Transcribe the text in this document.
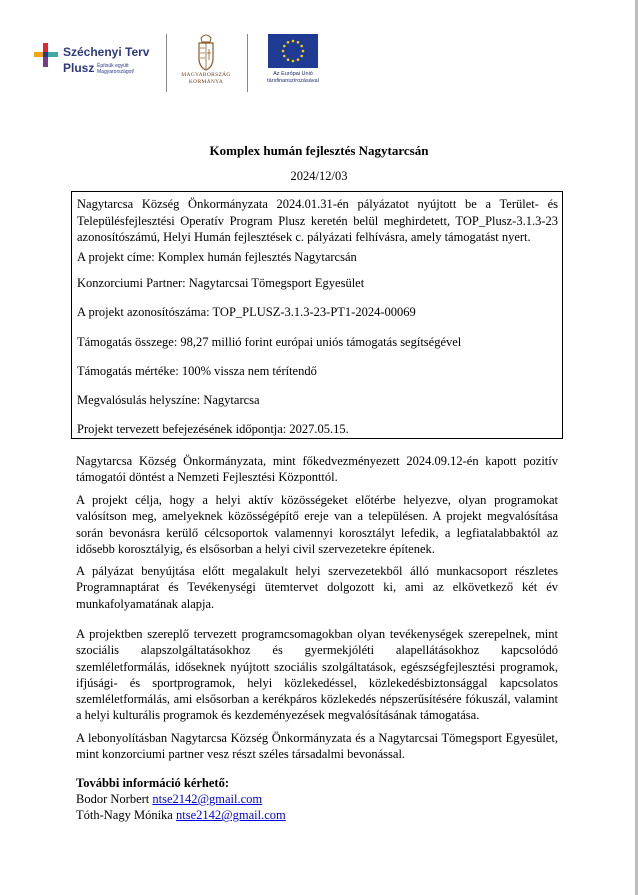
Széchenyi Terv
Plusz Építsük együtt Magyarországot!	MAGYARORSZÁG
KORMÁNYA
Az Európai Unió
társfinanszírozásával
Komplex humán fejlesztés Nagytarcsán
2024/12/03

Nagytarcsa Község Önkormányzata 2024.01.31-én pályázatot nyújtott be a Terület- és Településfejlesztési Operatív Program Plusz keretén belül meghirdetett, TOP_Plusz-3.1.3-23 azonosítószámú, Helyi Humán fejlesztések c. pályázati felhívásra, amely támogatást nyert.

A projekt címe: Komplex humán fejlesztés Nagytarcsán

Konzorciumi Partner: Nagytarcsai Tömegsport Egyesület

A projekt azonosítószáma: TOP_PLUSZ-3.1.3-23-PT1-2024-00069

Támogatás összege: 98,27 millió forint európai uniós támogatás segítségével

Támogatás mértéke: 100% vissza nem térítendő

Megvalósulás helyszíne: Nagytarcsa

Projekt tervezett befejezésének időpontja: 2027.05.15.

Nagytarcsa Község Önkormányzata, mint főkedvezményezett 2024.09.12-én kapott pozitív támogatói döntést a Nemzeti Fejlesztési Központtól.

A projekt célja, hogy a helyi aktív közösségeket előtérbe helyezve, olyan programokat valósítson meg, amelyeknek közösségépítő ereje van a településen. A projekt megvalósítása során bevonásra kerülő célcsoportok valamennyi korosztályt lefedik, a legfiatalabbaktól az idősebb korosztályig, és elsősorban a helyi civil szervezetekre építenek.

A pályázat benyújtása előtt megalakult helyi szervezetekből álló munkacsoport részletes Programnaptárat és Tevékenységi ütemtervet dolgozott ki, ami az elkövetkező két év munkafolyamatának alapja.

A projektben szereplő tervezett programcsomagokban olyan tevékenységek szerepelnek, mint szociális alapszolgáltatásokhoz és gyermekjóléti alapellátásokhoz kapcsolódó szemléletformálás, időseknek nyújtott szociális szolgáltatások, egészségfejlesztési programok, ifjúsági- és sportprogramok, helyi közlekedéssel, közlekedésbiztonsággal kapcsolatos szemléletformálás, ami elsősorban a kerékpáros közlekedés népszerűsítésére fókuszál, valamint a helyi kulturális programok és kezdeményezések megvalósításának támogatása.

A lebonyolításban Nagytarcsa Község Önkormányzata és a Nagytarcsai Tömegsport Egyesület, mint konzorciumi partner vesz részt széles társadalmi bevonással.

További információ kérhető:
Bodor Norbert ntse2142@gmail.com
Tóth-Nagy Mónika ntse2142@gmail.com
